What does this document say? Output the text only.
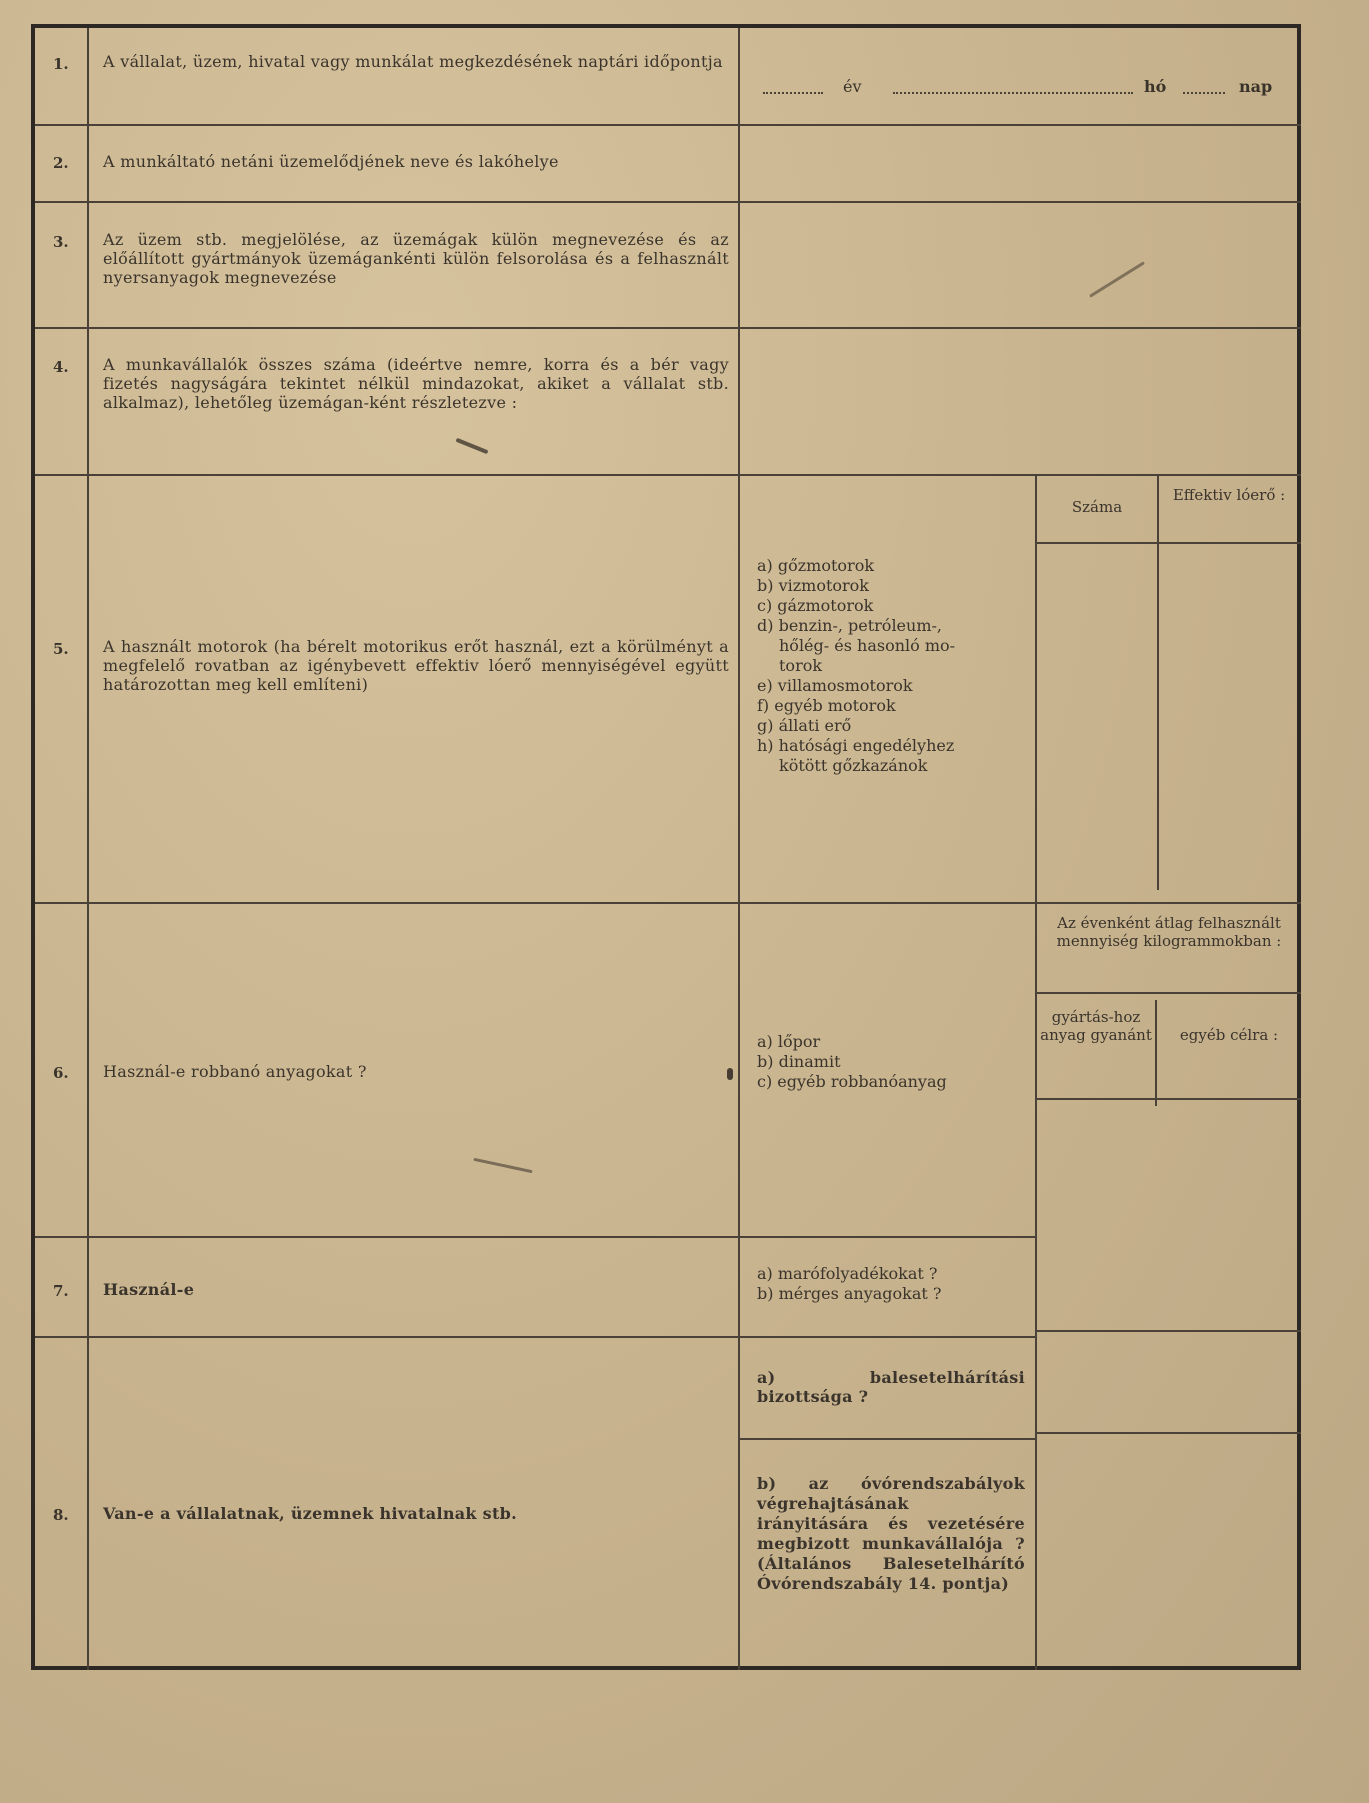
1. A vállalat, üzem, hivatal vagy munkálat megkezdésének naptári időpontja
év	hó	nap
2. A munkáltató netáni üzemelődjének neve és lakóhelye
3. Az üzem stb. megjelölése, az üzemágak külön megnevezése és az előállított gyártmányok üzemágankénti külön felsorolása és a felhasznált nyersanyagok megnevezése
4. A munkavállalók összes száma (ideértve nemre, korra és a bér vagy fizetés nagyságára tekintet nélkül mindazokat, akiket a vállalat stb. alkalmaz), lehetőleg üzemágan-ként részletezve :
5. A használt motorok (ha bérelt motorikus erőt használ, ezt a körülményt a megfelelő rovatban az igénybevett effektiv lóerő mennyiségével együtt határozottan meg kell említeni)
a) gőzmotorok
b) vizmotorok
c) gázmotorok
d) benzin-, petróleum-,
hőlég- és hasonló mo-
torok
e) villamosmotorok
f) egyéb motorok
g) állati erő
h) hatósági engedélyhez
kötött gőzkazánok
Száma
Effektiv lóerő :
6. Használ-e robbanó anyagokat ?
a) lőpor
b) dinamit
c) egyéb robbanóanyag
Az évenként átlag felhasznált mennyiség kilogrammokban :
gyártás-hoz anyag gyanánt	egyéb célra :
7. Használ-e
a) marófolyadékokat ?
b) mérges anyagokat ?
8. Van-e a vállalatnak, üzemnek hivatalnak stb.
a) balesetelhárítási bizottsága ?
b) az óvórendszabályok végrehajtásának irányitására és vezetésére megbizott munkavállalója ? (Általános Balesetelhárító Óvórendszabály 14. pontja)
